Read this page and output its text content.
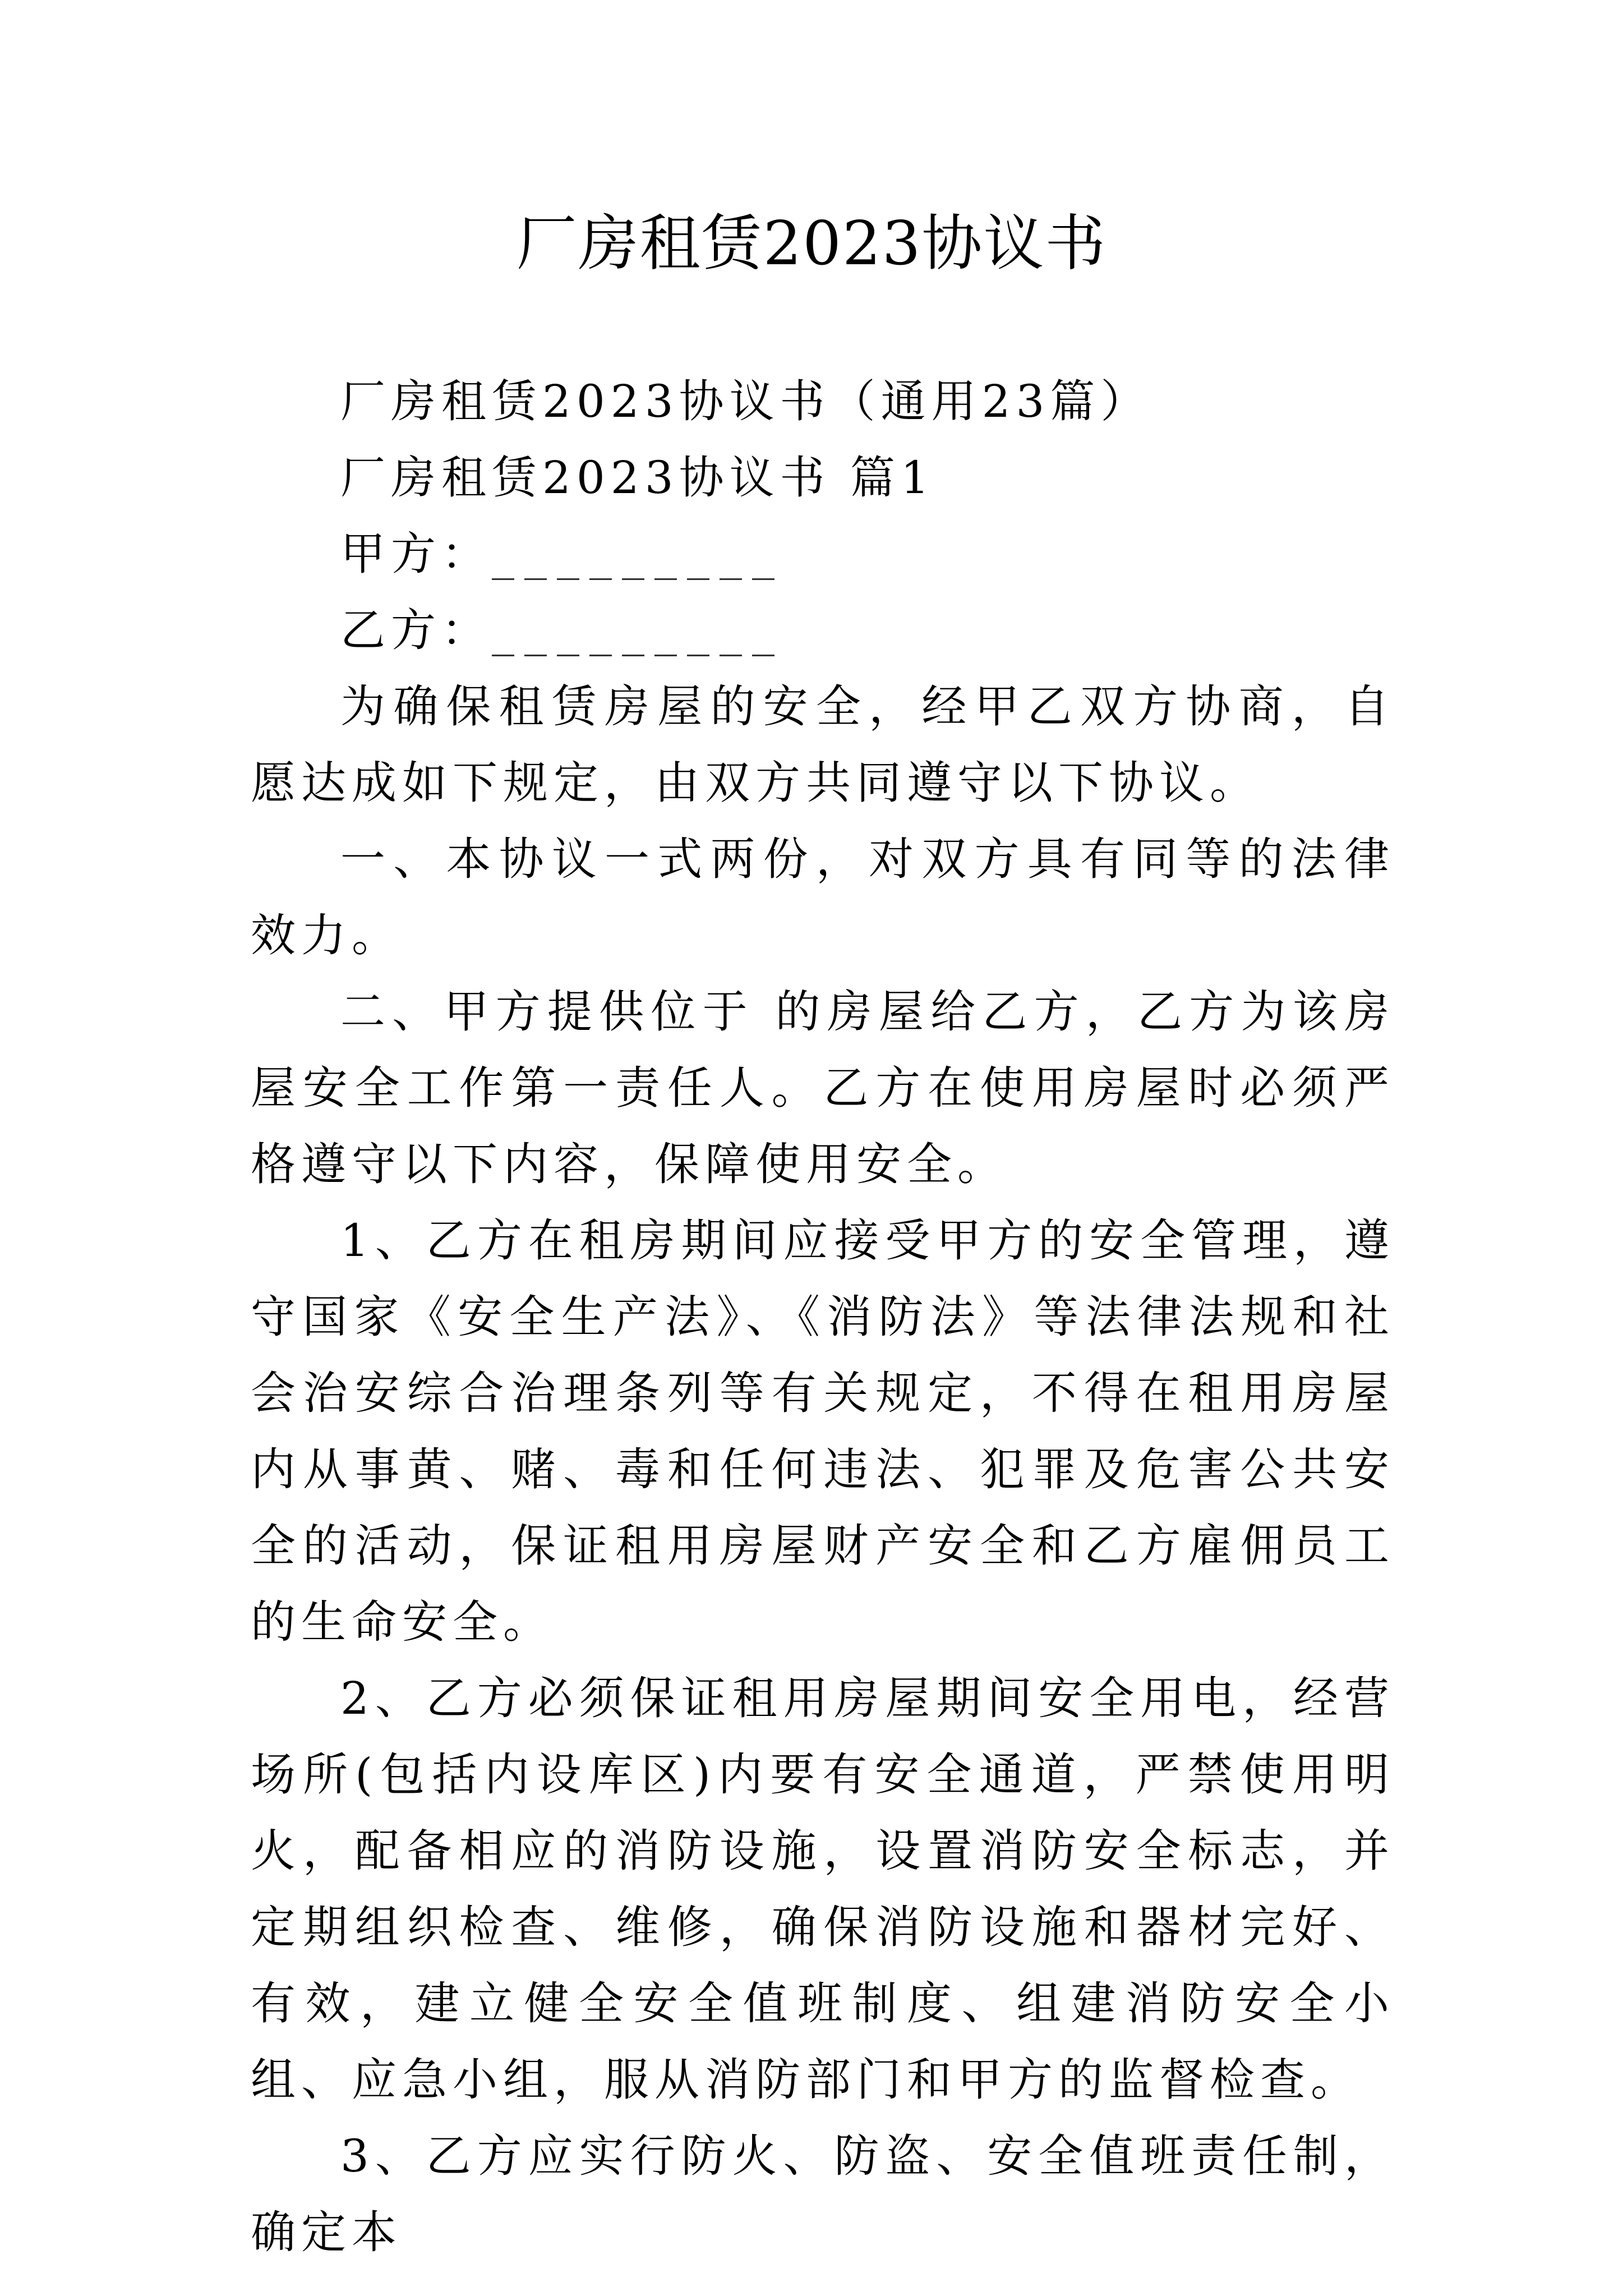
厂房租赁2023协议书

厂房租赁2023协议书（通用23篇）

厂房租赁2023协议书 篇1

甲方：_________

乙方：_________

为确保租赁房屋的安全，经甲乙双方协商，自愿达成如下规定，由双方共同遵守以下协议。

一、本协议一式两份，对双方具有同等的法律效力。

二、甲方提供位于 的房屋给乙方，乙方为该房屋安全工作第一责任人。乙方在使用房屋时必须严格遵守以下内容，保障使用安全。

1、乙方在租房期间应接受甲方的安全管理，遵守国家《安全生产法》、《消防法》等法律法规和社会治安综合治理条列等有关规定，不得在租用房屋内从事黄、赌、毒和任何违法、犯罪及危害公共安全的活动，保证租用房屋财产安全和乙方雇佣员工的生命安全。

2、乙方必须保证租用房屋期间安全用电，经营场所(包括内设库区)内要有安全通道，严禁使用明火，配备相应的消防设施，设置消防安全标志，并定期组织检查、维修，确保消防设施和器材完好、有效，建立健全安全值班制度、组建消防安全小组、应急小组，服从消防部门和甲方的监督检查。

3、乙方应实行防火、防盗、安全值班责任制，确定本
